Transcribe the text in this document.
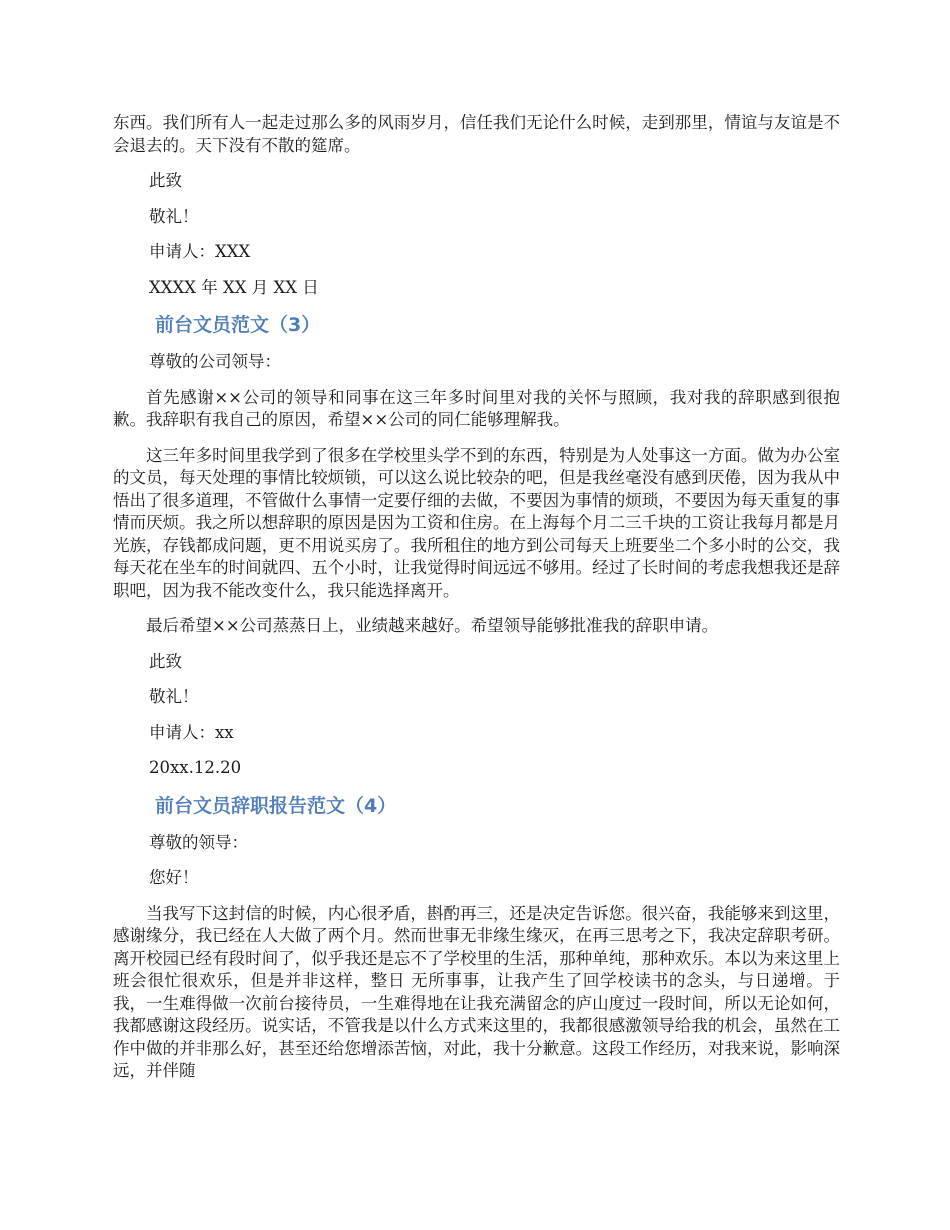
东西。我们所有人一起走过那么多的风雨岁月，信任我们无论什么时候，走到那里，情谊与友谊是不会退去的。天下没有不散的筵席。

此致

敬礼！

申请人：XXX

XXXX 年 XX 月 XX 日

前台文员范文（3）

尊敬的公司领导：

首先感谢××公司的领导和同事在这三年多时间里对我的关怀与照顾，我对我的辞职感到很抱歉。我辞职有我自己的原因，希望××公司的同仁能够理解我。

这三年多时间里我学到了很多在学校里头学不到的东西，特别是为人处事这一方面。做为办公室的文员，每天处理的事情比较烦锁，可以这么说比较杂的吧，但是我丝毫没有感到厌倦，因为我从中悟出了很多道理，不管做什么事情一定要仔细的去做，不要因为事情的烦琐，不要因为每天重复的事情而厌烦。我之所以想辞职的原因是因为工资和住房。在上海每个月二三千块的工资让我每月都是月光族，存钱都成问题，更不用说买房了。我所租住的地方到公司每天上班要坐二个多小时的公交，我每天花在坐车的时间就四、五个小时，让我觉得时间远远不够用。经过了长时间的考虑我想我还是辞职吧，因为我不能改变什么，我只能选择离开。

最后希望××公司蒸蒸日上，业绩越来越好。希望领导能够批准我的辞职申请。

此致

敬礼！

申请人：xx

20xx.12.20

前台文员辞职报告范文（4）

尊敬的领导：

您好！

当我写下这封信的时候，内心很矛盾，斟酌再三，还是决定告诉您。很兴奋，我能够来到这里，感谢缘分，我已经在人大做了两个月。然而世事无非缘生缘灭，在再三思考之下，我决定辞职考研。离开校园已经有段时间了，似乎我还是忘不了学校里的生活，那种单纯，那种欢乐。本以为来这里上班会很忙很欢乐，但是并非这样，整日 无所事事，让我产生了回学校读书的念头，与日递增。于我，一生难得做一次前台接待员，一生难得地在让我充满留念的庐山度过一段时间，所以无论如何，我都感谢这段经历。说实话，不管我是以什么方式来这里的，我都很感激领导给我的机会，虽然在工作中做的并非那么好，甚至还给您增添苦恼，对此，我十分歉意。这段工作经历，对我来说，影响深远，并伴随
